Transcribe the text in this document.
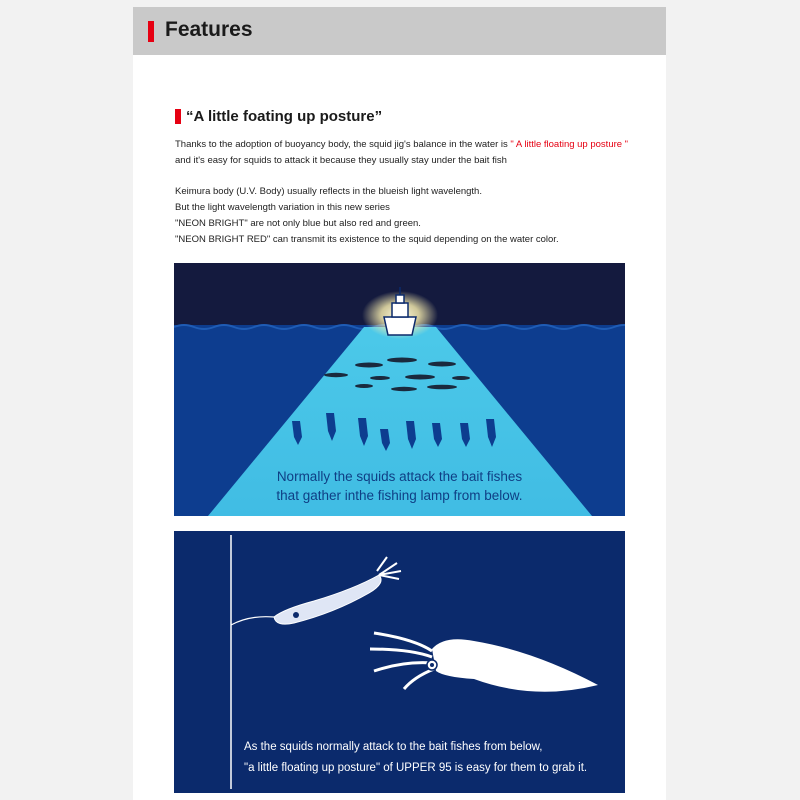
Features
“A little foating up posture”

Thanks to the adoption of buoyancy body, the squid jig's balance in the water is " A little floating up posture " and it's easy for squids to attack it because they usually stay under the bait fish

Keimura body (U.V. Body) usually reflects in the blueish light wavelength.
But the light wavelength variation in this new series
"NEON BRIGHT" are not only blue but also red and green.
"NEON BRIGHT RED" can transmit its existence to the squid depending on the water color.
Normally the squids attack the bait fishes
that gather inthe fishing lamp from below.
As the squids normally attack to the bait fishes from below,
"a little floating up posture" of UPPER 95 is easy for them to grab it.
